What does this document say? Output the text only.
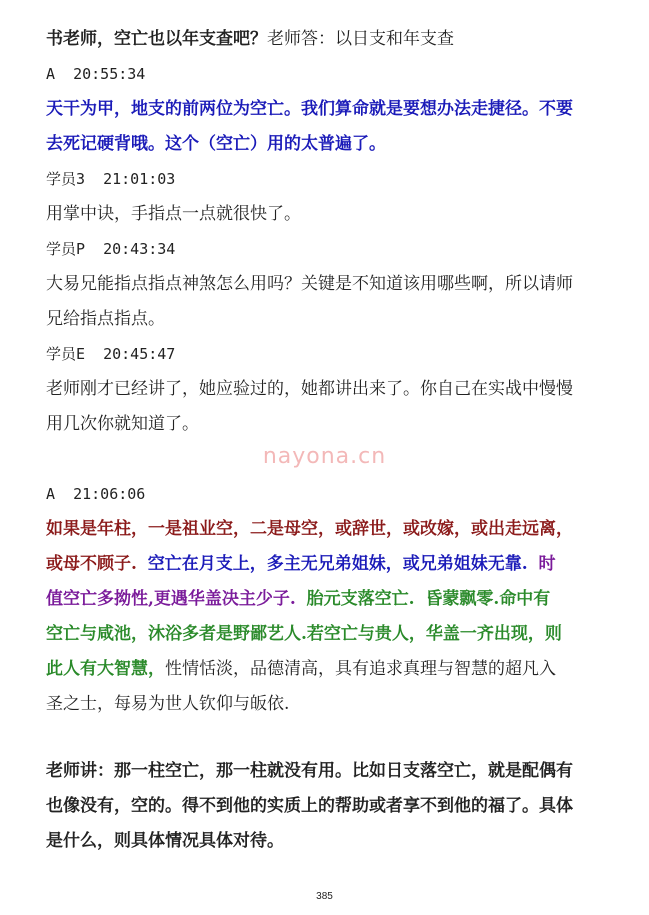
书老师，空亡也以年支查吧？老师答：以日支和年支查

A 20:55:34

天干为甲，地支的前两位为空亡。我们算命就是要想办法走捷径。不要

去死记硬背哦。这个（空亡）用的太普遍了。

学员3 21:01:03

用掌中诀，手指点一点就很快了。

学员P 20:43:34

大易兄能指点指点神煞怎么用吗？关键是不知道该用哪些啊，所以请师

兄给指点指点。

学员E 20:45:47

老师刚才已经讲了，她应验过的，她都讲出来了。你自己在实战中慢慢

用几次你就知道了。

A 21:06:06

如果是年柱，一是祖业空，二是母空，或辞世，或改嫁，或出走远离，

或母不顾子. 空亡在月支上，多主无兄弟姐妹，或兄弟姐妹无靠. 时

值空亡多拗性,更遇华盖决主少子. 胎元支落空亡. 昏蒙飘零.命中有

空亡与咸池，沐浴多者是野鄙艺人.若空亡与贵人，华盖一齐出现，则

此人有大智慧，性情恬淡，品德清高，具有追求真理与智慧的超凡入

圣之士，每易为世人钦仰与皈依.

老师讲：那一柱空亡，那一柱就没有用。比如日支落空亡，就是配偶有

也像没有，空的。得不到他的实质上的帮助或者享不到他的福了。具体

是什么，则具体情况具体对待。

nayona.cn
385
